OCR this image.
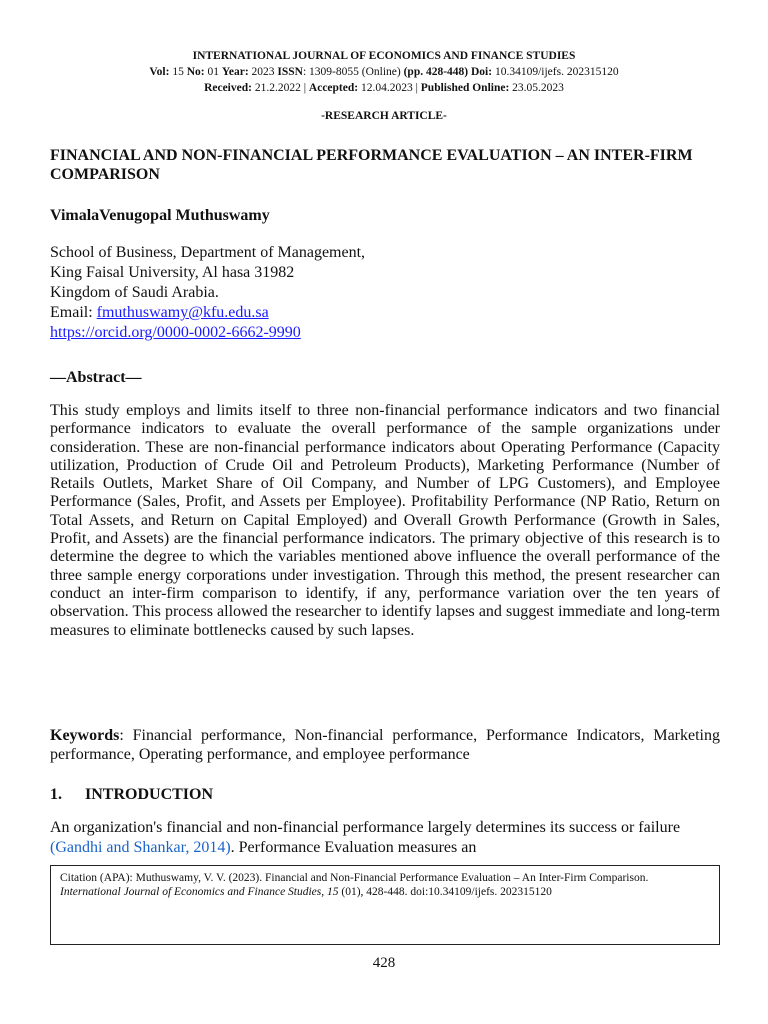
INTERNATIONAL JOURNAL OF ECONOMICS AND FINANCE STUDIES
Vol: 15 No: 01 Year: 2023 ISSN: 1309-8055 (Online) (pp. 428-448) Doi: 10.34109/ijefs. 202315120
Received: 21.2.2022 | Accepted: 12.04.2023 | Published Online: 23.05.2023
-RESEARCH ARTICLE-
FINANCIAL AND NON-FINANCIAL PERFORMANCE EVALUATION – AN INTER-FIRM COMPARISON
VimalaVenugopal Muthuswamy
School of Business, Department of Management,
King Faisal University, Al hasa 31982
Kingdom of Saudi Arabia.
Email: fmuthuswamy@kfu.edu.sa
https://orcid.org/0000-0002-6662-9990
—Abstract—
This study employs and limits itself to three non-financial performance indicators and two financial performance indicators to evaluate the overall performance of the sample organizations under consideration. These are non-financial performance indicators about Operating Performance (Capacity utilization, Production of Crude Oil and Petroleum Products), Marketing Performance (Number of Retails Outlets, Market Share of Oil Company, and Number of LPG Customers), and Employee Performance (Sales, Profit, and Assets per Employee). Profitability Performance (NP Ratio, Return on Total Assets, and Return on Capital Employed) and Overall Growth Performance (Growth in Sales, Profit, and Assets) are the financial performance indicators. The primary objective of this research is to determine the degree to which the variables mentioned above influence the overall performance of the three sample energy corporations under investigation. Through this method, the present researcher can conduct an inter-firm comparison to identify, if any, performance variation over the ten years of observation. This process allowed the researcher to identify lapses and suggest immediate and long-term measures to eliminate bottlenecks caused by such lapses.
Keywords: Financial performance, Non-financial performance, Performance Indicators, Marketing performance, Operating performance, and employee performance
1. INTRODUCTION
An organization's financial and non-financial performance largely determines its success or failure (Gandhi and Shankar, 2014). Performance Evaluation measures an
Citation (APA): Muthuswamy, V. V. (2023). Financial and Non-Financial Performance Evaluation – An Inter-Firm Comparison. International Journal of Economics and Finance Studies, 15 (01), 428-448. doi:10.34109/ijefs. 202315120
428
